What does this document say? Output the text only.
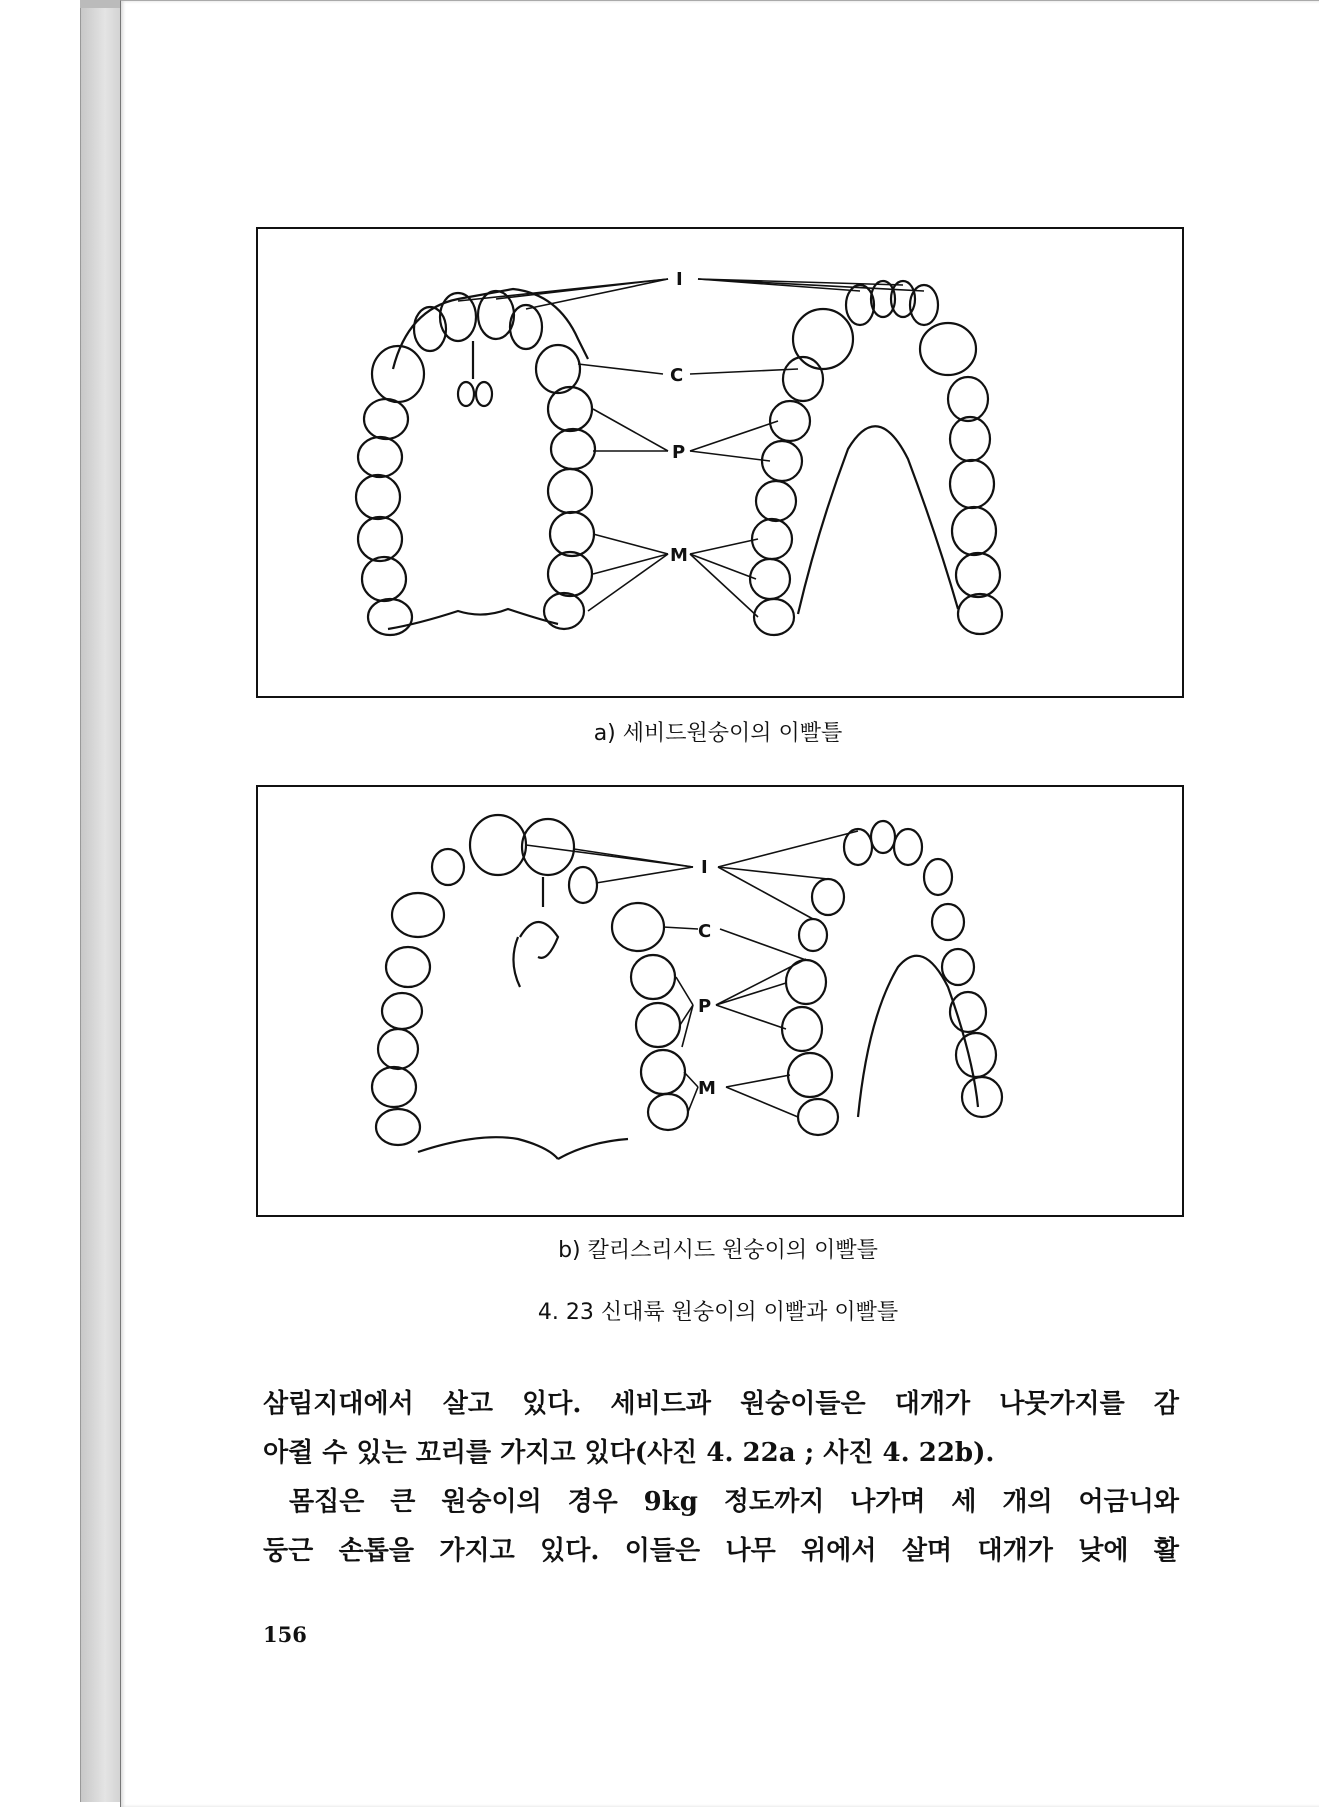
I
C
P
M
a) 세비드원숭이의 이빨틀
I
C
P
M
b) 칼리스리시드 원숭이의 이빨틀
4. 23 신대륙 원숭이의 이빨과 이빨틀
삼림지대에서 살고 있다. 세비드과 원숭이들은 대개가 나뭇가지를 감
아쥘 수 있는 꼬리를 가지고 있다(사진 4. 22a ; 사진 4. 22b).
몸집은 큰 원숭이의 경우 9kg 정도까지 나가며 세 개의 어금니와
둥근 손톱을 가지고 있다. 이들은 나무 위에서 살며 대개가 낮에 활
156
